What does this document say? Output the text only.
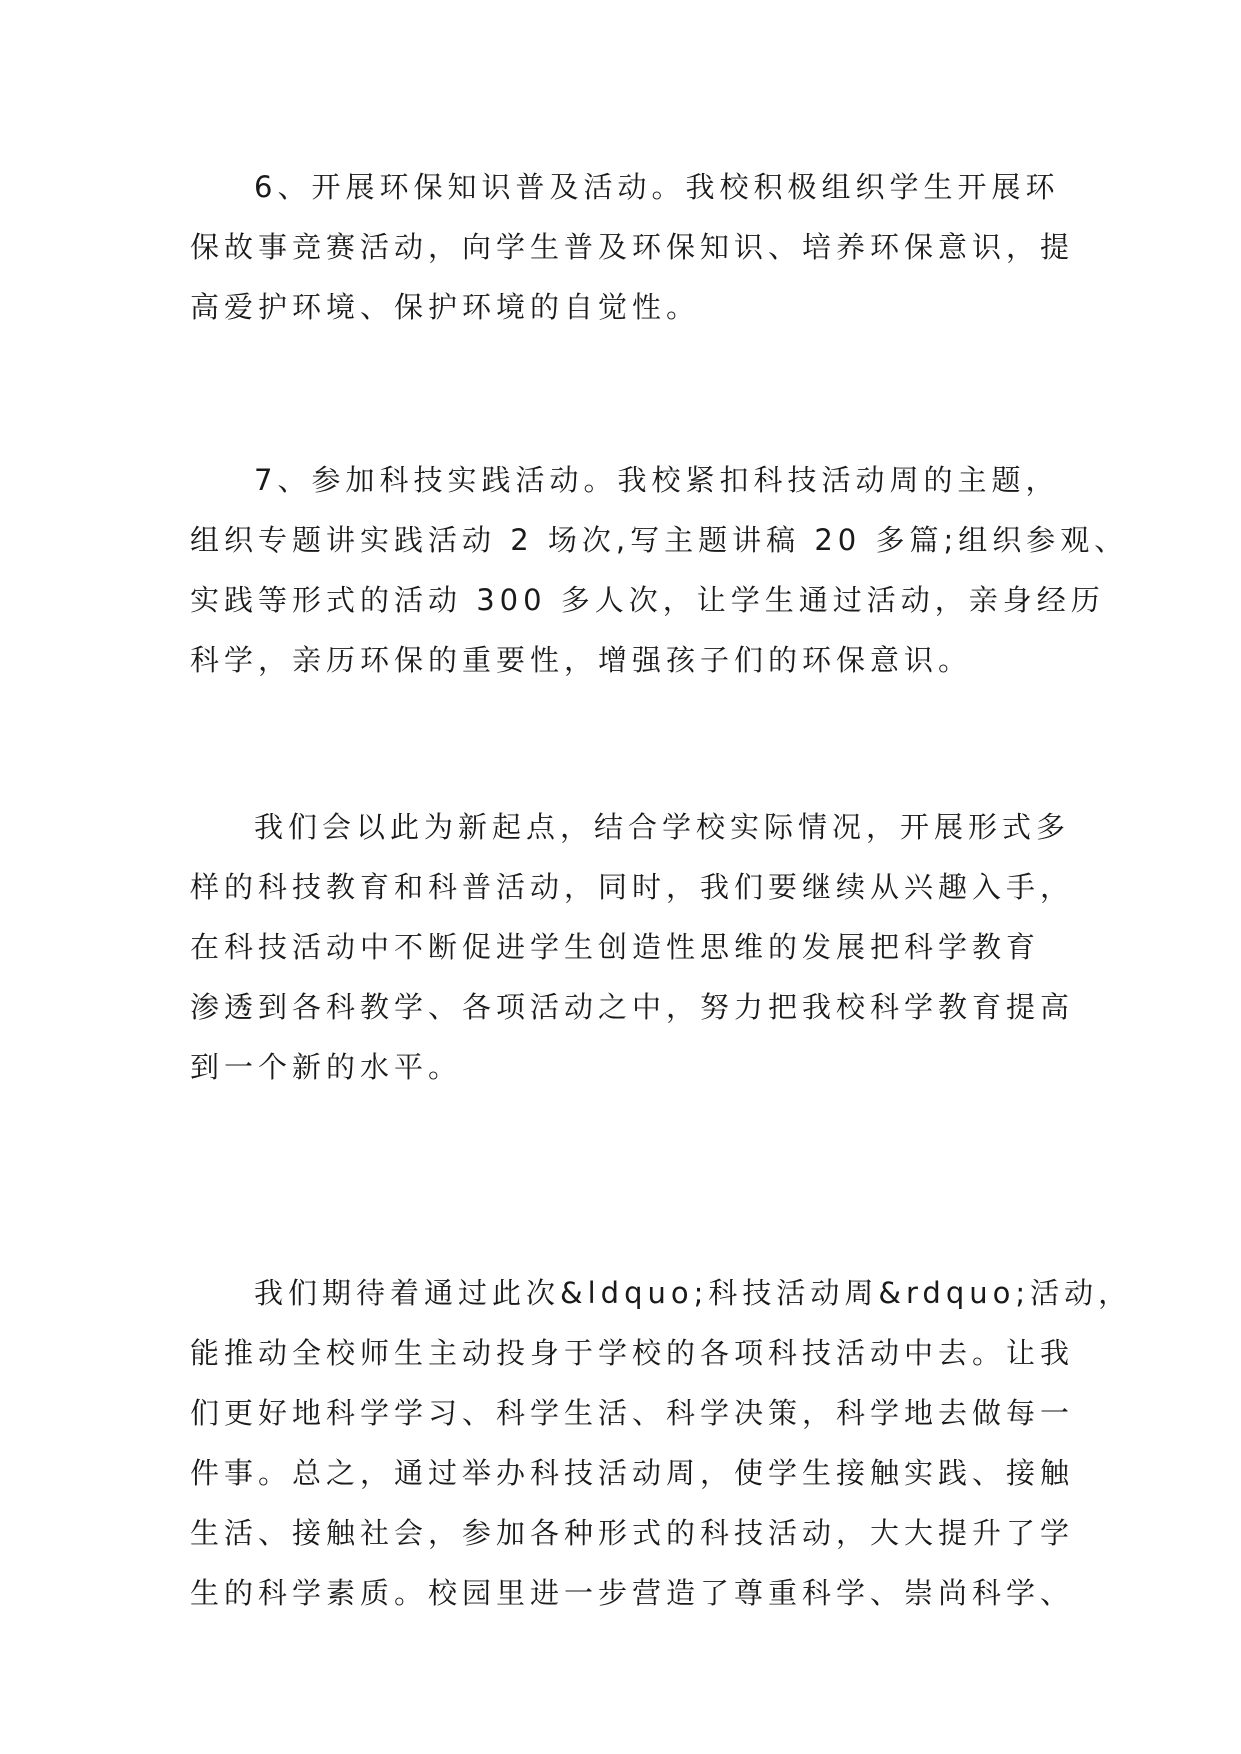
6、开展环保知识普及活动。我校积极组织学生开展环
保故事竞赛活动，向学生普及环保知识、培养环保意识，提
高爱护环境、保护环境的自觉性。

7、参加科技实践活动。我校紧扣科技活动周的主题，
组织专题讲实践活动 2 场次,写主题讲稿 20 多篇;组织参观、
实践等形式的活动 300 多人次，让学生通过活动，亲身经历
科学，亲历环保的重要性，增强孩子们的环保意识。

我们会以此为新起点，结合学校实际情况，开展形式多
样的科技教育和科普活动，同时，我们要继续从兴趣入手，
在科技活动中不断促进学生创造性思维的发展把科学教育
渗透到各科教学、各项活动之中，努力把我校科学教育提高
到一个新的水平。

我们期待着通过此次&ldquo;科技活动周&rdquo;活动，
能推动全校师生主动投身于学校的各项科技活动中去。让我
们更好地科学学习、科学生活、科学决策，科学地去做每一
件事。总之，通过举办科技活动周，使学生接触实践、接触
生活、接触社会，参加各种形式的科技活动，大大提升了学
生的科学素质。校园里进一步营造了尊重科学、崇尚科学、
